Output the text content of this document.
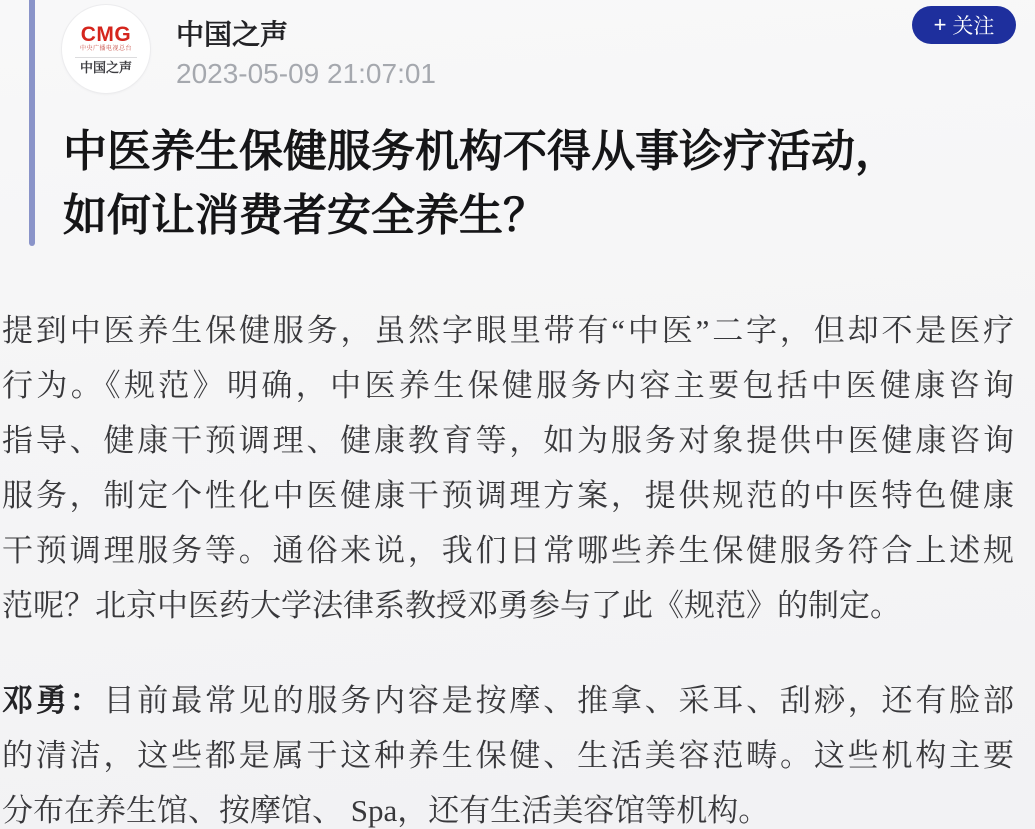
CMG
中央广播电视总台
中国之声
中国之声
2023-05-09 21:07:01
+ 关注
中医养生保健服务机构不得从事诊疗活动，
如何让消费者安全养生？
提到中医养生保健服务，虽然字眼里带有“中医”二字，但却不是医疗
行为。《规范》明确，中医养生保健服务内容主要包括中医健康咨询
指导、健康干预调理、健康教育等，如为服务对象提供中医健康咨询
服务，制定个性化中医健康干预调理方案，提供规范的中医特色健康
干预调理服务等。通俗来说，我们日常哪些养生保健服务符合上述规
范呢？北京中医药大学法律系教授邓勇参与了此《规范》的制定。
邓勇：目前最常见的服务内容是按摩、推拿、采耳、刮痧，还有脸部
的清洁，这些都是属于这种养生保健、生活美容范畴。这些机构主要
分布在养生馆、按摩馆、 Spa，还有生活美容馆等机构。
